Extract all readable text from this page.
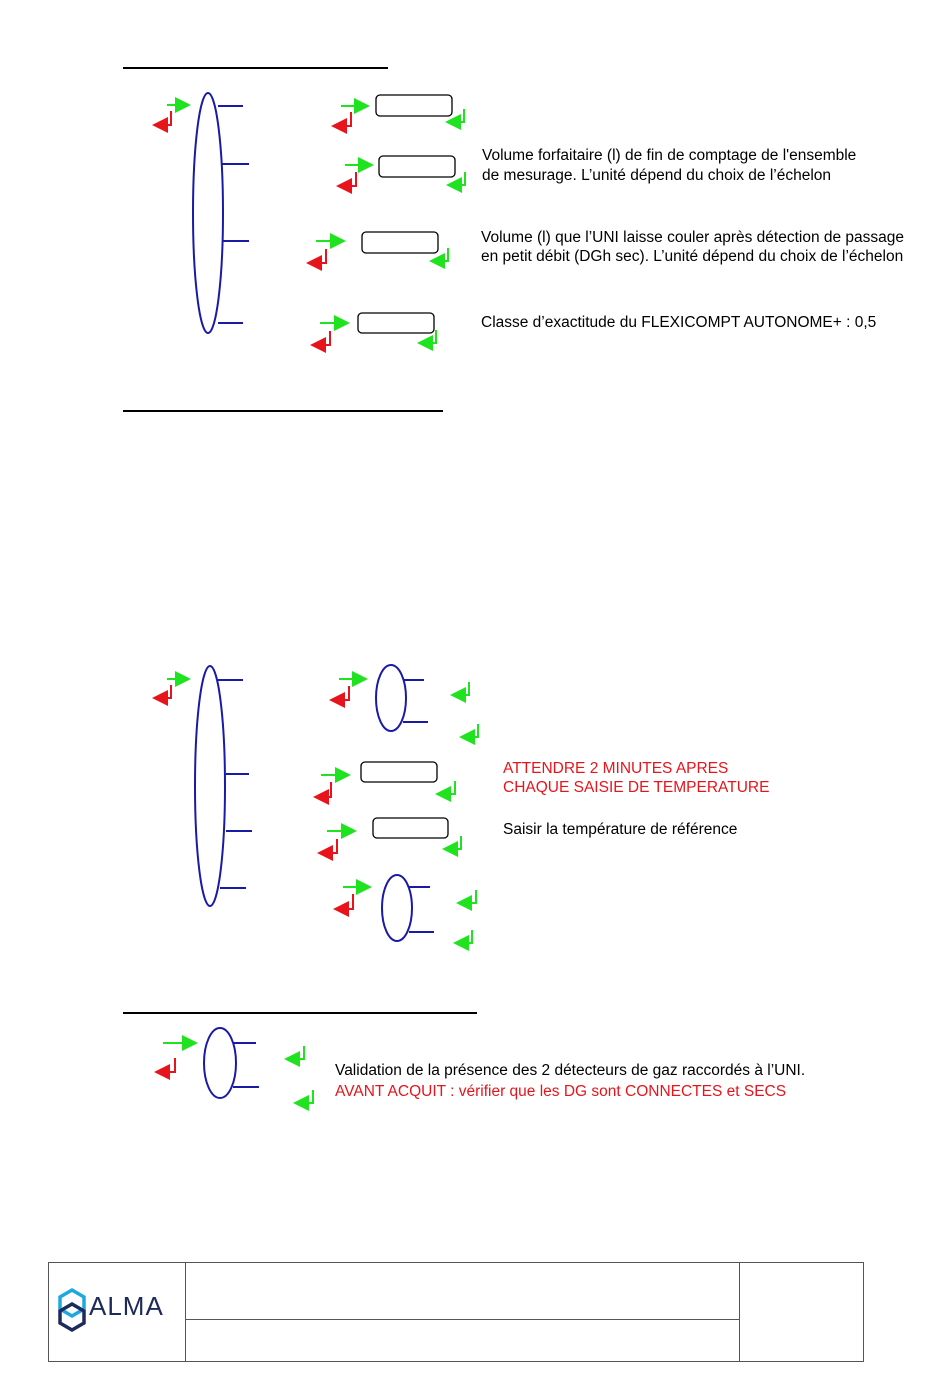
Volume forfaitaire (l) de fin de comptage de l'ensemble
de mesurage. L’unité dépend du choix de l’échelon
Volume (l) que l’UNI laisse couler après détection de passage
en petit débit (DGh sec). L’unité dépend du choix de l’échelon
Classe d’exactitude du FLEXICOMPT AUTONOME+ : 0,5
ATTENDRE 2 MINUTES APRES
CHAQUE SAISIE DE TEMPERATURE
Saisir la température de référence
Validation de la présence des 2 détecteurs de gaz raccordés à l’UNI.
AVANT ACQUIT : vérifier que les DG sont CONNECTES et SECS
ALMA
